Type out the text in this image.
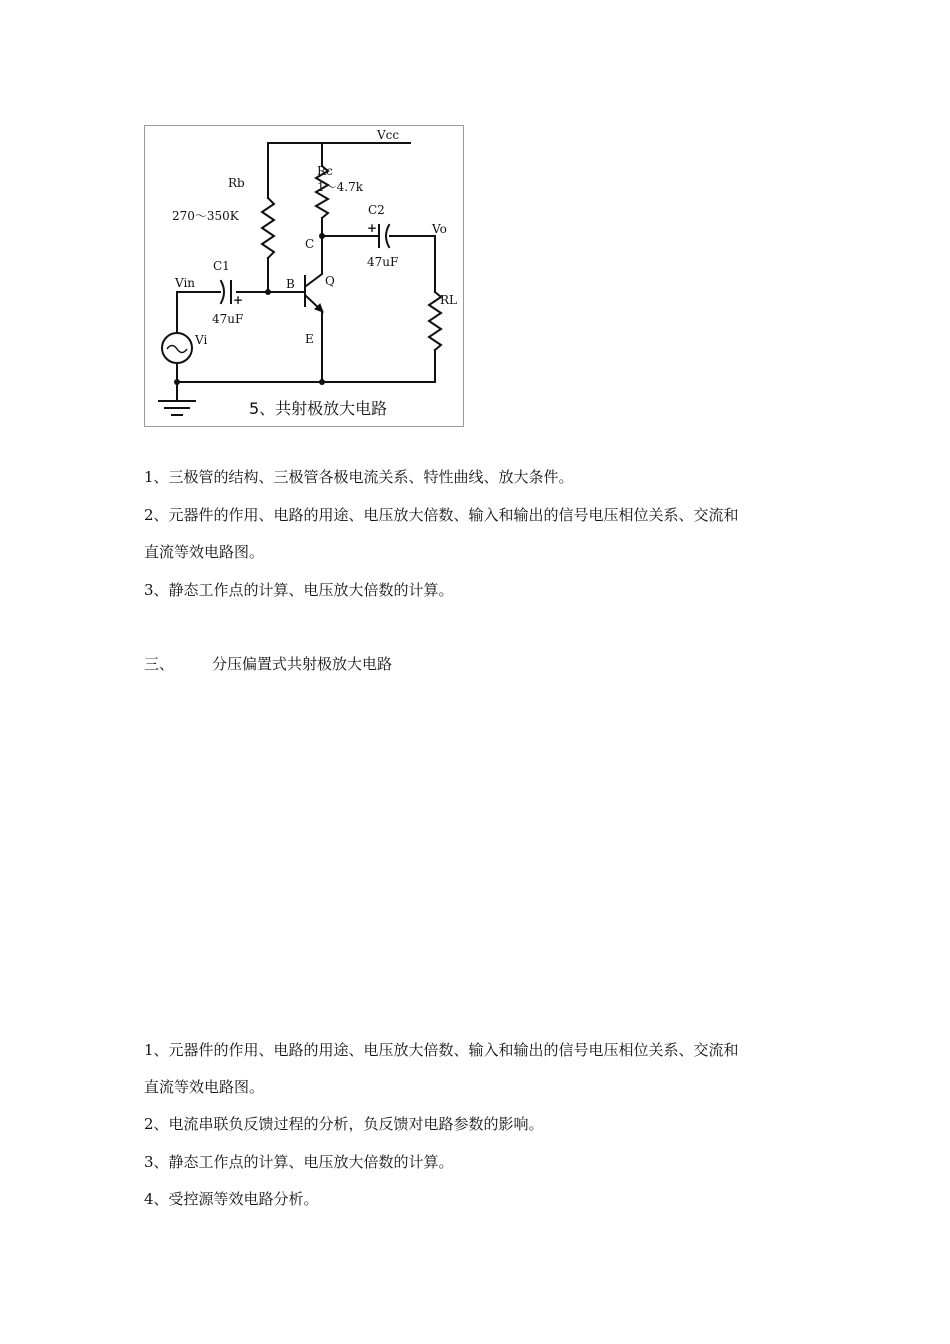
Vcc
Rc
1～4.7k
Rb
270～350K	C2
+
47uF
Vo
C
Vin
C1
+
47uF
B	Q
E
RL
Vi
5、共射极放大电路
1、三极管的结构、三极管各极电流关系、特性曲线、放大条件。
2、元器件的作用、电路的用途、电压放大倍数、输入和输出的信号电压相位关系、交流和
直流等效电路图。
3、静态工作点的计算、电压放大倍数的计算。
三、	分压偏置式共射极放大电路
1、元器件的作用、电路的用途、电压放大倍数、输入和输出的信号电压相位关系、交流和
直流等效电路图。
2、电流串联负反馈过程的分析，负反馈对电路参数的影响。
3、静态工作点的计算、电压放大倍数的计算。
4、受控源等效电路分析。
